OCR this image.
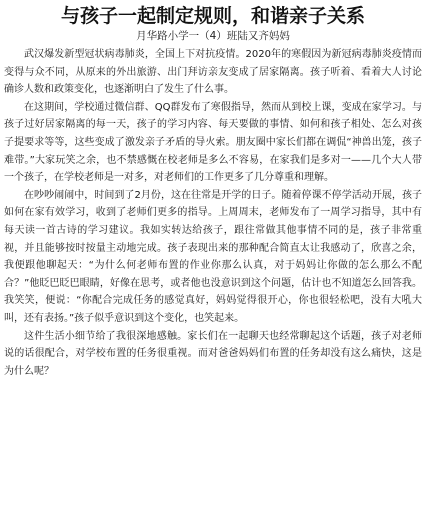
与孩子一起制定规则，和谐亲子关系
月华路小学一（4）班陆又齐妈妈

武汉爆发新型冠状病毒肺炎，全国上下对抗疫情。2020年的寒假因为新冠病毒肺炎疫情而变得与众不同，从原来的外出旅游、出门拜访亲友变成了居家隔离。孩子听着、看着大人讨论确诊人数和政策变化，也逐渐明白了发生了什么事。

在这期间，学校通过微信群、QQ群发布了寒假指导，然而从到校上课，变成在家学习。与孩子过好居家隔离的每一天，孩子的学习内容、每天要做的事情、如何和孩子相处、怎么对孩子提要求等等，这些变成了激发亲子矛盾的导火索。朋友圈中家长们都在调侃“神兽出笼，孩子难带。”大家玩笑之余，也不禁感慨在校老师是多么不容易，在家我们是多对一——几个大人带一个孩子，在学校老师是一对多，对老师们的工作更多了几分尊重和理解。

在吵吵闹闹中，时间到了2月份，这在往常是开学的日子。随着停课不停学活动开展，孩子如何在家有效学习，收到了老师们更多的指导。上周周末，老师发布了一周学习指导，其中有每天读一首古诗的学习建议。我如实转达给孩子，跟往常做其他事情不同的是，孩子非常重视，并且能够按时按量主动地完成。孩子表现出来的那种配合简直太让我感动了，欣喜之余，我便跟他聊起天：“为什么何老师布置的作业你那么认真，对于妈妈让你做的怎么那么不配合？”他眨巴眨巴眼睛，好像在思考，或者他也没意识到这个问题，估计也不知道怎么回答我。我笑笑，便说：“你配合完成任务的感觉真好，妈妈觉得很开心，你也很轻松吧，没有大吼大叫，还有表扬。”孩子似乎意识到这个变化，也笑起来。

这件生活小细节给了我很深地感触。家长们在一起聊天也经常聊起这个话题，孩子对老师说的话很配合，对学校布置的任务很重视。而对爸爸妈妈们布置的任务却没有这么痛快，这是为什么呢？
